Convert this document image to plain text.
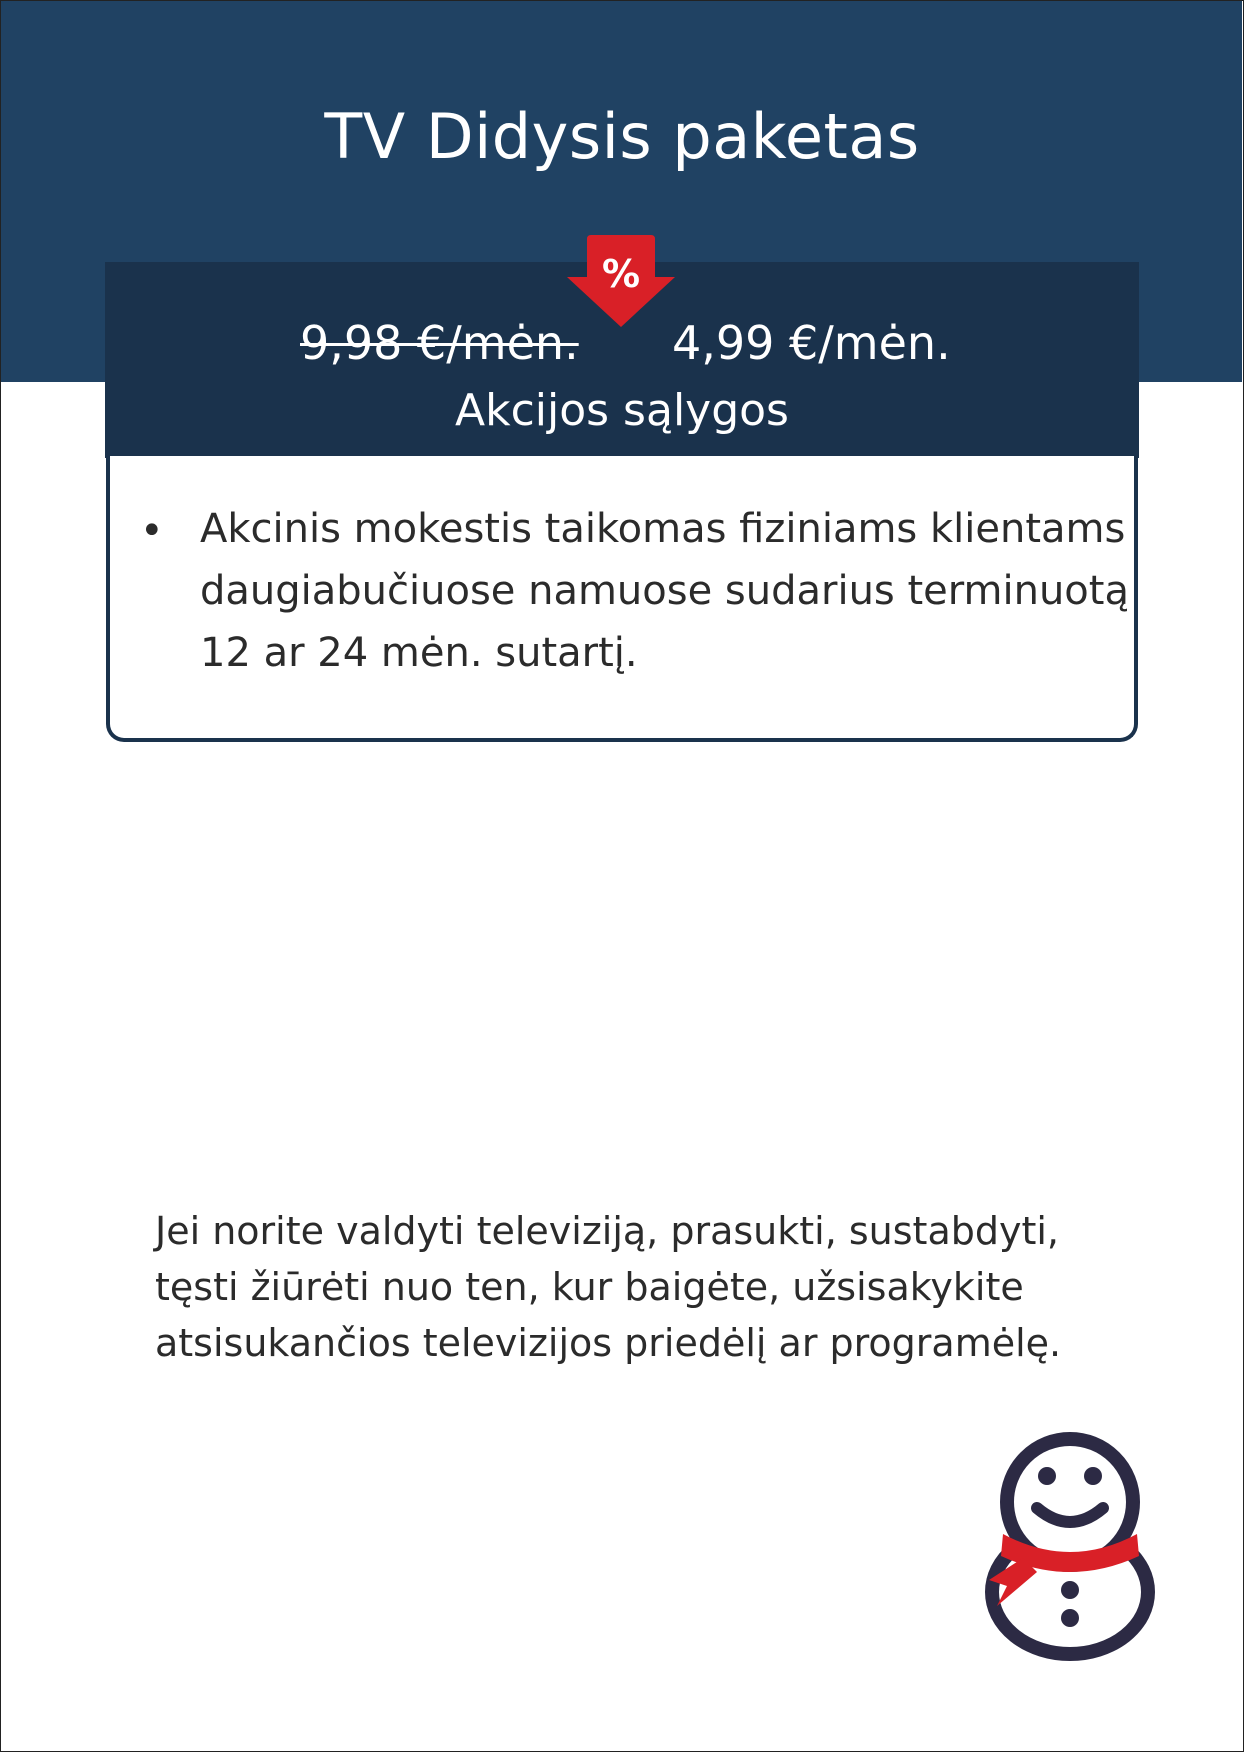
TV Didysis paketas
%
9,98 €/mėn. 4,99 €/mėn.
Akcijos sąlygos
• Akcinis mokestis taikomas fiziniams klientams daugiabučiuose namuose sudarius terminuotą 12 ar 24 mėn. sutartį.
Jei norite valdyti televiziją, prasukti, sustabdyti, tęsti žiūrėti nuo ten, kur baigėte, užsisakykite atsisukančios televizijos priedėlį ar programėlę.
